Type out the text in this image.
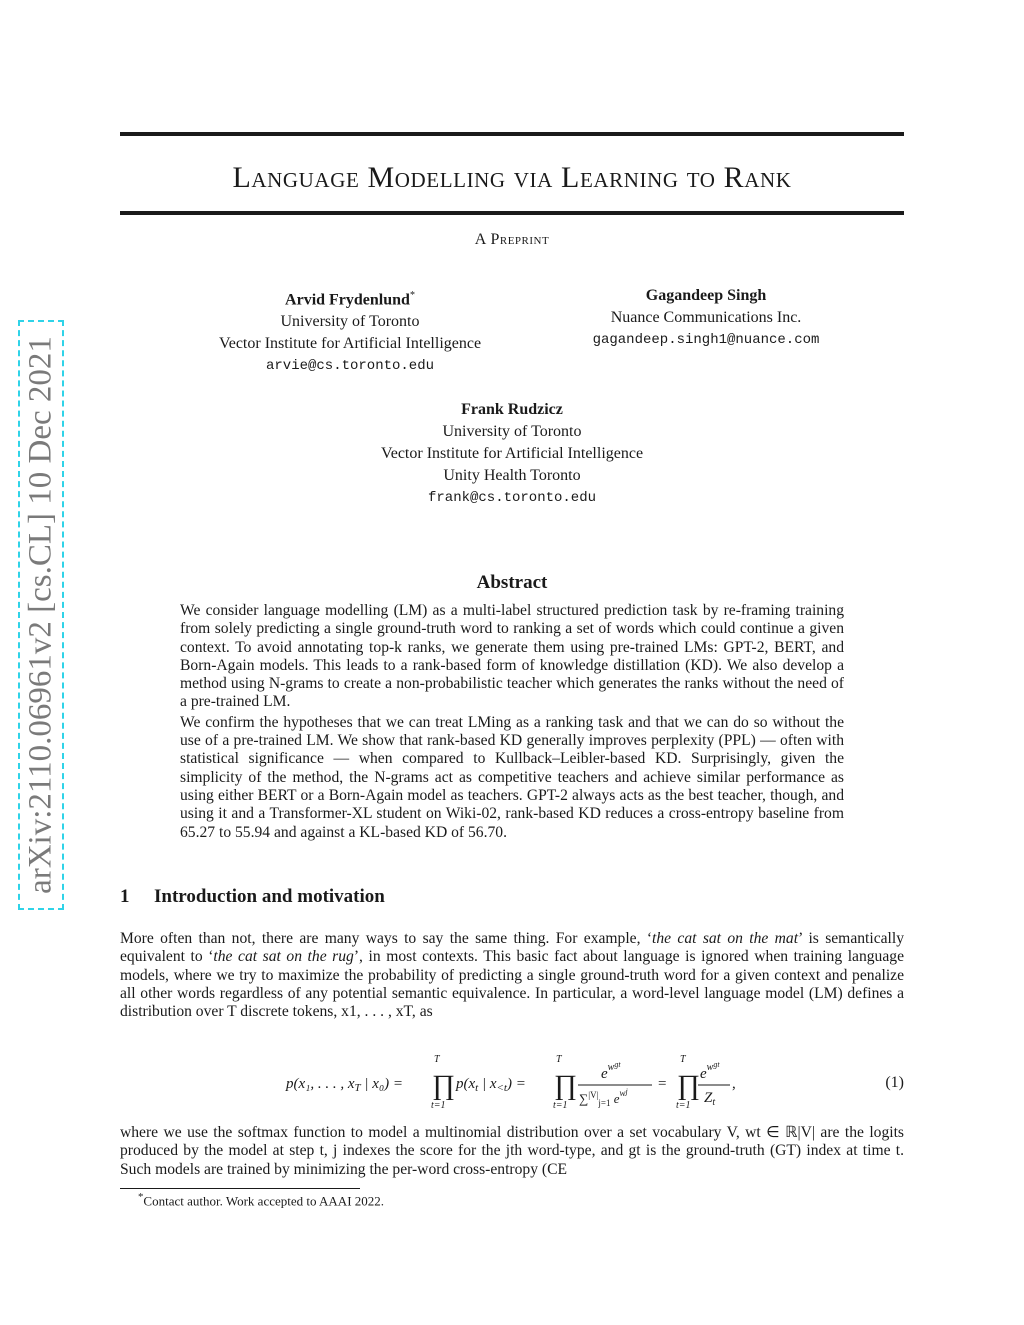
arXiv:2110.06961v2 [cs.CL] 10 Dec 2021
Language Modelling via Learning to Rank
A Preprint
Arvid Frydenlund*
University of Toronto
Vector Institute for Artificial Intelligence
arvie@cs.toronto.edu
Gagandeep Singh
Nuance Communications Inc.
gagandeep.singh1@nuance.com
Frank Rudzicz
University of Toronto
Vector Institute for Artificial Intelligence
Unity Health Toronto
frank@cs.toronto.edu
Abstract

We consider language modelling (LM) as a multi-label structured prediction task by re-framing training from solely predicting a single ground-truth word to ranking a set of words which could continue a given context. To avoid annotating top-k ranks, we generate them using pre-trained LMs: GPT-2, BERT, and Born-Again models. This leads to a rank-based form of knowledge distillation (KD). We also develop a method using N-grams to create a non-probabilistic teacher which generates the ranks without the need of a pre-trained LM.

We confirm the hypotheses that we can treat LMing as a ranking task and that we can do so without the use of a pre-trained LM. We show that rank-based KD generally improves perplexity (PPL) — often with statistical significance — when compared to Kullback–Leibler-based KD. Surprisingly, given the simplicity of the method, the N-grams act as competitive teachers and achieve similar performance as using either BERT or a Born-Again model as teachers. GPT-2 always acts as the best teacher, though, and using it and a Transformer-XL student on Wiki-02, rank-based KD reduces a cross-entropy baseline from 65.27 to 55.94 and against a KL-based KD of 56.70.

1 Introduction and motivation

More often than not, there are many ways to say the same thing. For example, ‘the cat sat on the mat’ is semantically equivalent to ‘the cat sat on the rug’, in most contexts. This basic fact about language is ignored when training language models, where we try to maximize the probability of predicting a single ground-truth word for a given context and penalize all other words regardless of any potential semantic equivalence. In particular, a word-level language model (LM) defines a distribution over T discrete tokens, x1, . . . , xT, as

p(x₁, . . . , $x_T$ | x₀) =
T
∏
t=1
$p(x_t$ | $x_{<t}$) =
T
∏
t=1
$e^{wgt}$
∑$^{|V|}_{j=1}$ $e^wj$ =
T
∏
t=1
$e^{wgt}$
$Z_t$
,	(1)

where we use the softmax function to model a multinomial distribution over a set vocabulary V, wt ∈ ℝ|V| are the logits produced by the model at step t, j indexes the score for the jth word-type, and gt is the ground-truth (GT) index at time t. Such models are trained by minimizing the per-word cross-entropy (CE

*Contact author. Work accepted to AAAI 2022.
